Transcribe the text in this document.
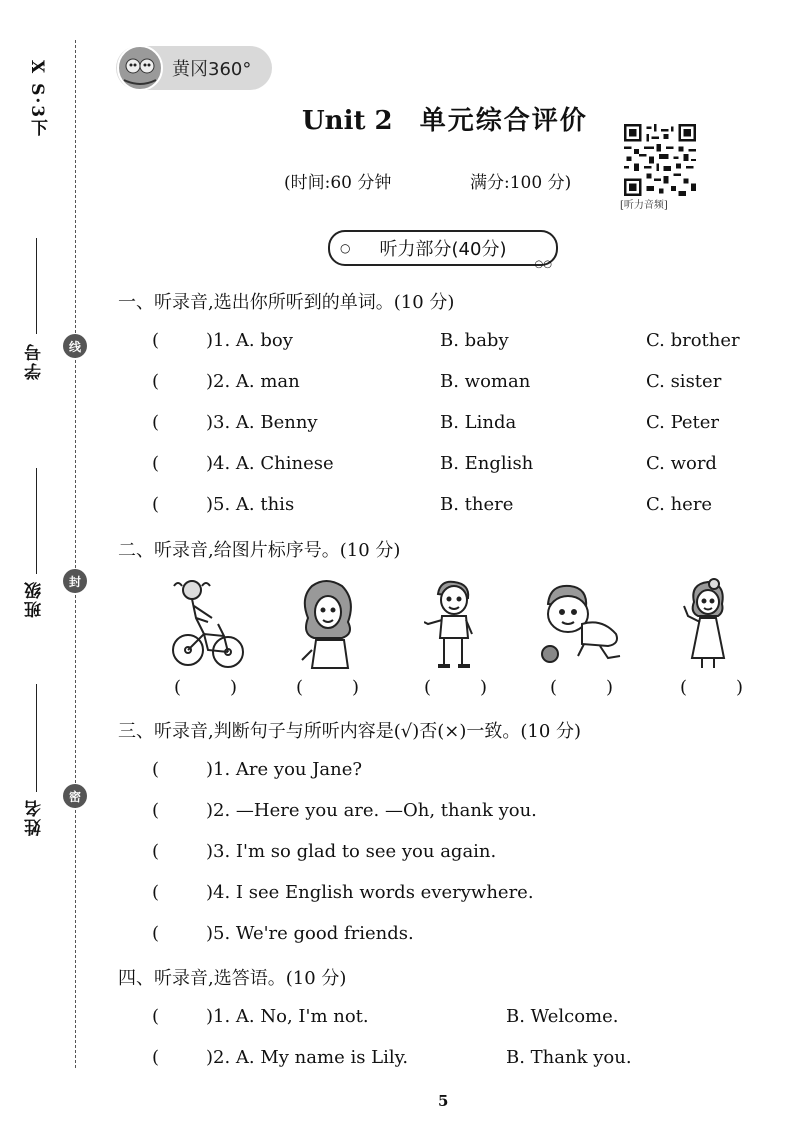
X S·3下
学号
班级
姓名
线
封
密
黄冈360°
Unit 2 单元综合评价
(时间:60 分钟	满分:100 分)
[听力音频]
○ 听力部分(40分)
○○
一、听录音,选出你所听到的单词。(10 分)
(	)1. A. boy	B. baby	C. brother
(	)2. A. man	B. woman	C. sister
(	)3. A. Benny	B. Linda	C. Peter
(	)4. A. Chinese	B. English	C. word
(	)5. A. this	B. there	C. here
二、听录音,给图片标序号。(10 分)
(	)	(	)	(	)	(	)	(	)
三、听录音,判断句子与所听内容是(√)否(×)一致。(10 分)
(	)1. Are you Jane?
(	)2. —Here you are. —Oh, thank you.
(	)3. I'm so glad to see you again.
(	)4. I see English words everywhere.
(	)5. We're good friends.
四、听录音,选答语。(10 分)
(	)1. A. No, I'm not.	B. Welcome.
(	)2. A. My name is Lily.	B. Thank you.
5
